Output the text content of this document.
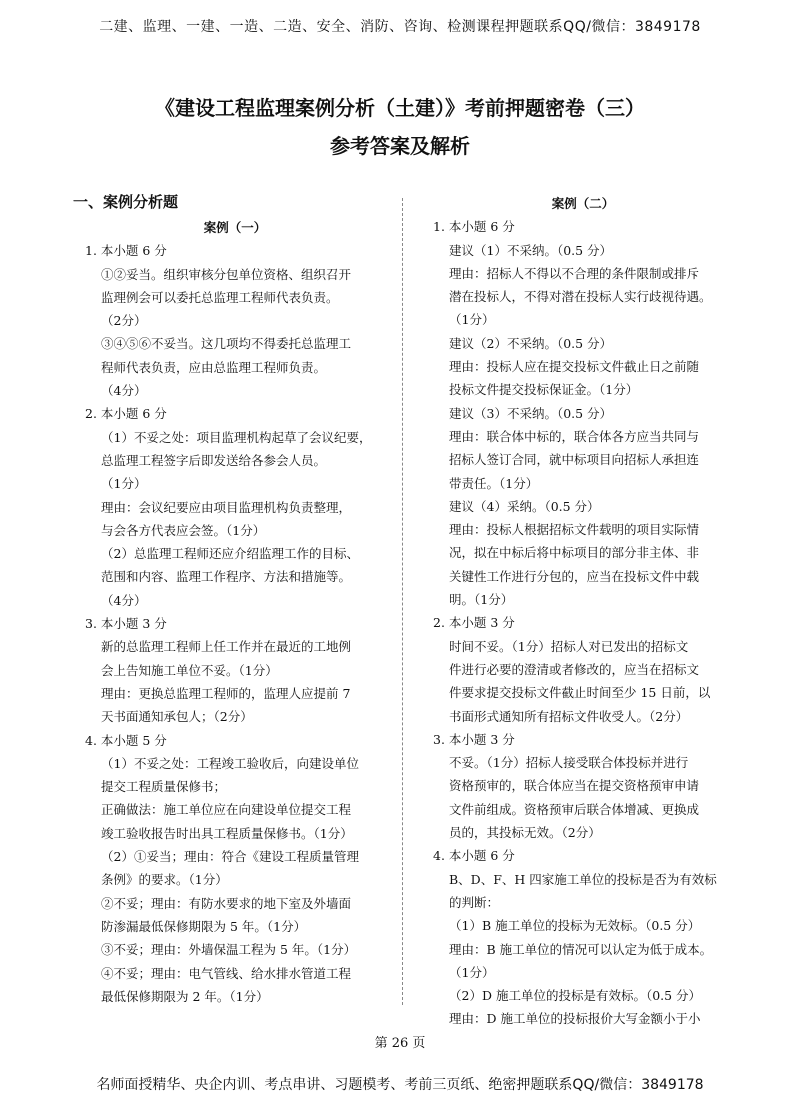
二建、监理、一建、一造、二造、安全、消防、咨询、检测课程押题联系QQ/微信：3849178
《建设工程监理案例分析（土建）》考前押题密卷（三）
参考答案及解析
一、案例分析题
案例（一）
1. 本小题 6 分
①②妥当。组织审核分包单位资格、组织召开
监理例会可以委托总监理工程师代表负责。
（2分）
③④⑤⑥不妥当。这几项均不得委托总监理工
程师代表负责，应由总监理工程师负责。
（4分）
2. 本小题 6 分
（1）不妥之处：项目监理机构起草了会议纪要，
总监理工程签字后即发送给各参会人员。
（1分）
理由：会议纪要应由项目监理机构负责整理，
与会各方代表应会签。（1分）
（2）总监理工程师还应介绍监理工作的目标、
范围和内容、监理工作程序、方法和措施等。
（4分）
3. 本小题 3 分
新的总监理工程师上任工作并在最近的工地例
会上告知施工单位不妥。（1分）
理由：更换总监理工程师的，监理人应提前 7
天书面通知承包人；（2分）
4. 本小题 5 分
（1）不妥之处：工程竣工验收后，向建设单位
提交工程质量保修书；
正确做法：施工单位应在向建设单位提交工程
竣工验收报告时出具工程质量保修书。（1分）
（2）①妥当；理由：符合《建设工程质量管理
条例》的要求。（1分）
②不妥；理由：有防水要求的地下室及外墙面
防渗漏最低保修期限为 5 年。（1分）
③不妥；理由：外墙保温工程为 5 年。（1分）
④不妥；理由：电气管线、给水排水管道工程
最低保修期限为 2 年。（1分）
案例（二）
1. 本小题 6 分
建议（1）不采纳。（0.5 分）
理由：招标人不得以不合理的条件限制或排斥
潜在投标人，不得对潜在投标人实行歧视待遇。
（1分）
建议（2）不采纳。（0.5 分）
理由：投标人应在提交投标文件截止日之前随
投标文件提交投标保证金。（1分）
建议（3）不采纳。（0.5 分）
理由：联合体中标的，联合体各方应当共同与
招标人签订合同，就中标项目向招标人承担连
带责任。（1分）
建议（4）采纳。（0.5 分）
理由：投标人根据招标文件载明的项目实际情
况，拟在中标后将中标项目的部分非主体、非
关键性工作进行分包的，应当在投标文件中载
明。（1分）
2. 本小题 3 分
时间不妥。（1分）招标人对已发出的招标文
件进行必要的澄清或者修改的，应当在招标文
件要求提交投标文件截止时间至少 15 日前，以
书面形式通知所有招标文件收受人。（2分）
3. 本小题 3 分
不妥。（1分）招标人接受联合体投标并进行
资格预审的，联合体应当在提交资格预审申请
文件前组成。资格预审后联合体增减、更换成
员的，其投标无效。（2分）
4. 本小题 6 分
B、D、F、H 四家施工单位的投标是否为有效标
的判断：
（1）B 施工单位的投标为无效标。（0.5 分）
理由：B 施工单位的情况可以认定为低于成本。
（1分）
（2）D 施工单位的投标是有效标。（0.5 分）
理由：D 施工单位的投标报价大写金额小于小
第 26 页
名师面授精华、央企内训、考点串讲、习题模考、考前三页纸、绝密押题联系QQ/微信：3849178
